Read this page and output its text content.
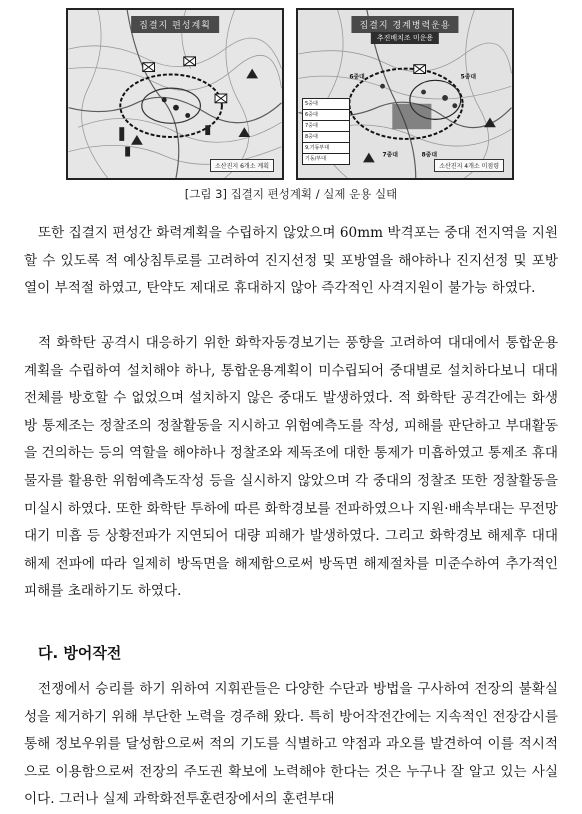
집결지 편성계획
소산진지 6개소 계획
6중대	5중대
7중대	8중대
집결지 경계병력운용
추진배치조 미운용
5중대
6중대
7중대
8중대
9,기동부대
기동/부대
소산진지 4개소 미점령
[그림 3] 집결지 편성계획 / 실제 운용 실태

또한 집결지 편성간 화력계획을 수립하지 않았으며 60mm 박격포는 중대 전지역을 지원할 수 있도록 적 예상침투로를 고려하여 진지선정 및 포방열을 해야하나 진지선정 및 포방열이 부적절 하였고, 탄약도 제대로 휴대하지 않아 즉각적인 사격지원이 불가능 하였다.

적 화학탄 공격시 대응하기 위한 화학자동경보기는 풍향을 고려하여 대대에서 통합운용계획을 수립하여 설치해야 하나, 통합운용계획이 미수립되어 중대별로 설치하다보니 대대전체를 방호할 수 없었으며 설치하지 않은 중대도 발생하였다. 적 화학탄 공격간에는 화생방 통제조는 정찰조의 정찰활동을 지시하고 위험예측도를 작성, 피해를 판단하고 부대활동을 건의하는 등의 역할을 해야하나 정찰조와 제독조에 대한 통제가 미흡하였고 통제조 휴대물자를 활용한 위험예측도작성 등을 실시하지 않았으며 각 중대의 정찰조 또한 정찰활동을 미실시 하였다. 또한 화학탄 투하에 따른 화학경보를 전파하였으나 지원·배속부대는 무전망 대기 미흡 등 상황전파가 지연되어 대량 피해가 발생하였다. 그리고 화학경보 해제후 대대 해제 전파에 따라 일제히 방독면을 해제함으로써 방독면 해제절차를 미준수하여 추가적인 피해를 초래하기도 하였다.

다. 방어작전

전쟁에서 승리를 하기 위하여 지휘관들은 다양한 수단과 방법을 구사하여 전장의 불확실성을 제거하기 위해 부단한 노력을 경주해 왔다. 특히 방어작전간에는 지속적인 전장감시를 통해 정보우위를 달성함으로써 적의 기도를 식별하고 약점과 과오를 발견하여 이를 적시적으로 이용함으로써 전장의 주도권 확보에 노력해야 한다는 것은 누구나 잘 알고 있는 사실이다. 그러나 실제 과학화전투훈련장에서의 훈련부대
